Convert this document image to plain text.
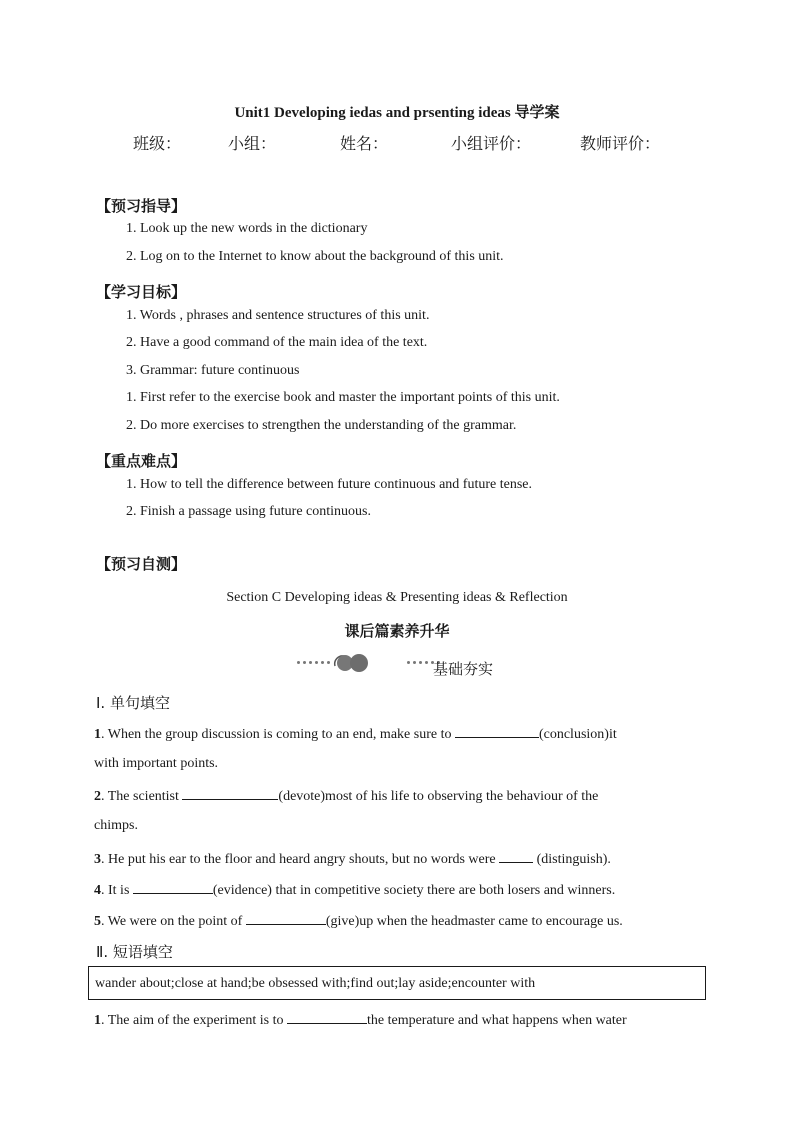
Unit1 Developing iedas and prsenting ideas 导学案
班级：	小组：	姓名：	小组评价：	教师评价：
【预习指导】
1. Look up the new words in the dictionary
2. Log on to the Internet to know about the background of this unit.
【学习目标】
1. Words , phrases and sentence structures of this unit.
2. Have a good command of the main idea of the text.
3. Grammar: future continuous
1. First refer to the exercise book and master the important points of this unit.
2. Do more exercises to strengthen the understanding of the grammar.
【重点难点】
1. How to tell the difference between future continuous and future tense.
2. Finish a passage using future continuous.
【预习自测】
Section C Developing ideas & Presenting ideas & Reflection
课后篇素养升华
基础夯实
Ⅰ. 单句填空
1. When the group discussion is coming to an end, make sure to	(conclusion)it
with important points.
2. The scientist	(devote)most of his life to observing the behaviour of the
chimps.
3. He put his ear to the floor and heard angry shouts, but no words were  (distinguish).
4. It is	(evidence) that in competitive society there are both losers and winners.
5. We were on the point of	(give)up when the headmaster came to encourage us.
Ⅱ. 短语填空
wander about;close at hand;be obsessed with;find out;lay aside;encounter with
1. The aim of the experiment is to	the temperature and what happens when water
